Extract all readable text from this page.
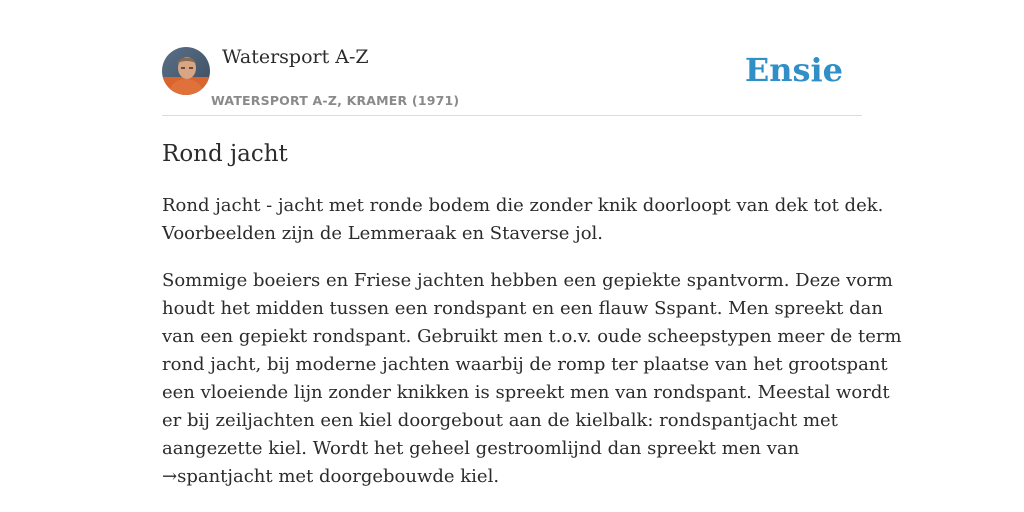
Watersport A-Z
WATERSPORT A-Z, KRAMER (1971)
Ensie
Rond jacht

Rond jacht - jacht met ronde bodem die zonder knik doorloopt van dek tot dek.
Voorbeelden zijn de Lemmeraak en Staverse jol.

Sommige boeiers en Friese jachten hebben een gepiekte spantvorm. Deze vorm
houdt het midden tussen een rondspant en een flauw Sspant. Men spreekt dan
van een gepiekt rondspant. Gebruikt men t.o.v. oude scheepstypen meer de term
rond jacht, bij moderne jachten waarbij de romp ter plaatse van het grootspant
een vloeiende lijn zonder knikken is spreekt men van rondspant. Meestal wordt
er bij zeiljachten een kiel doorgebout aan de kielbalk: rondspantjacht met
aangezette kiel. Wordt het geheel gestroomlijnd dan spreekt men van
→spantjacht met doorgebouwde kiel.
